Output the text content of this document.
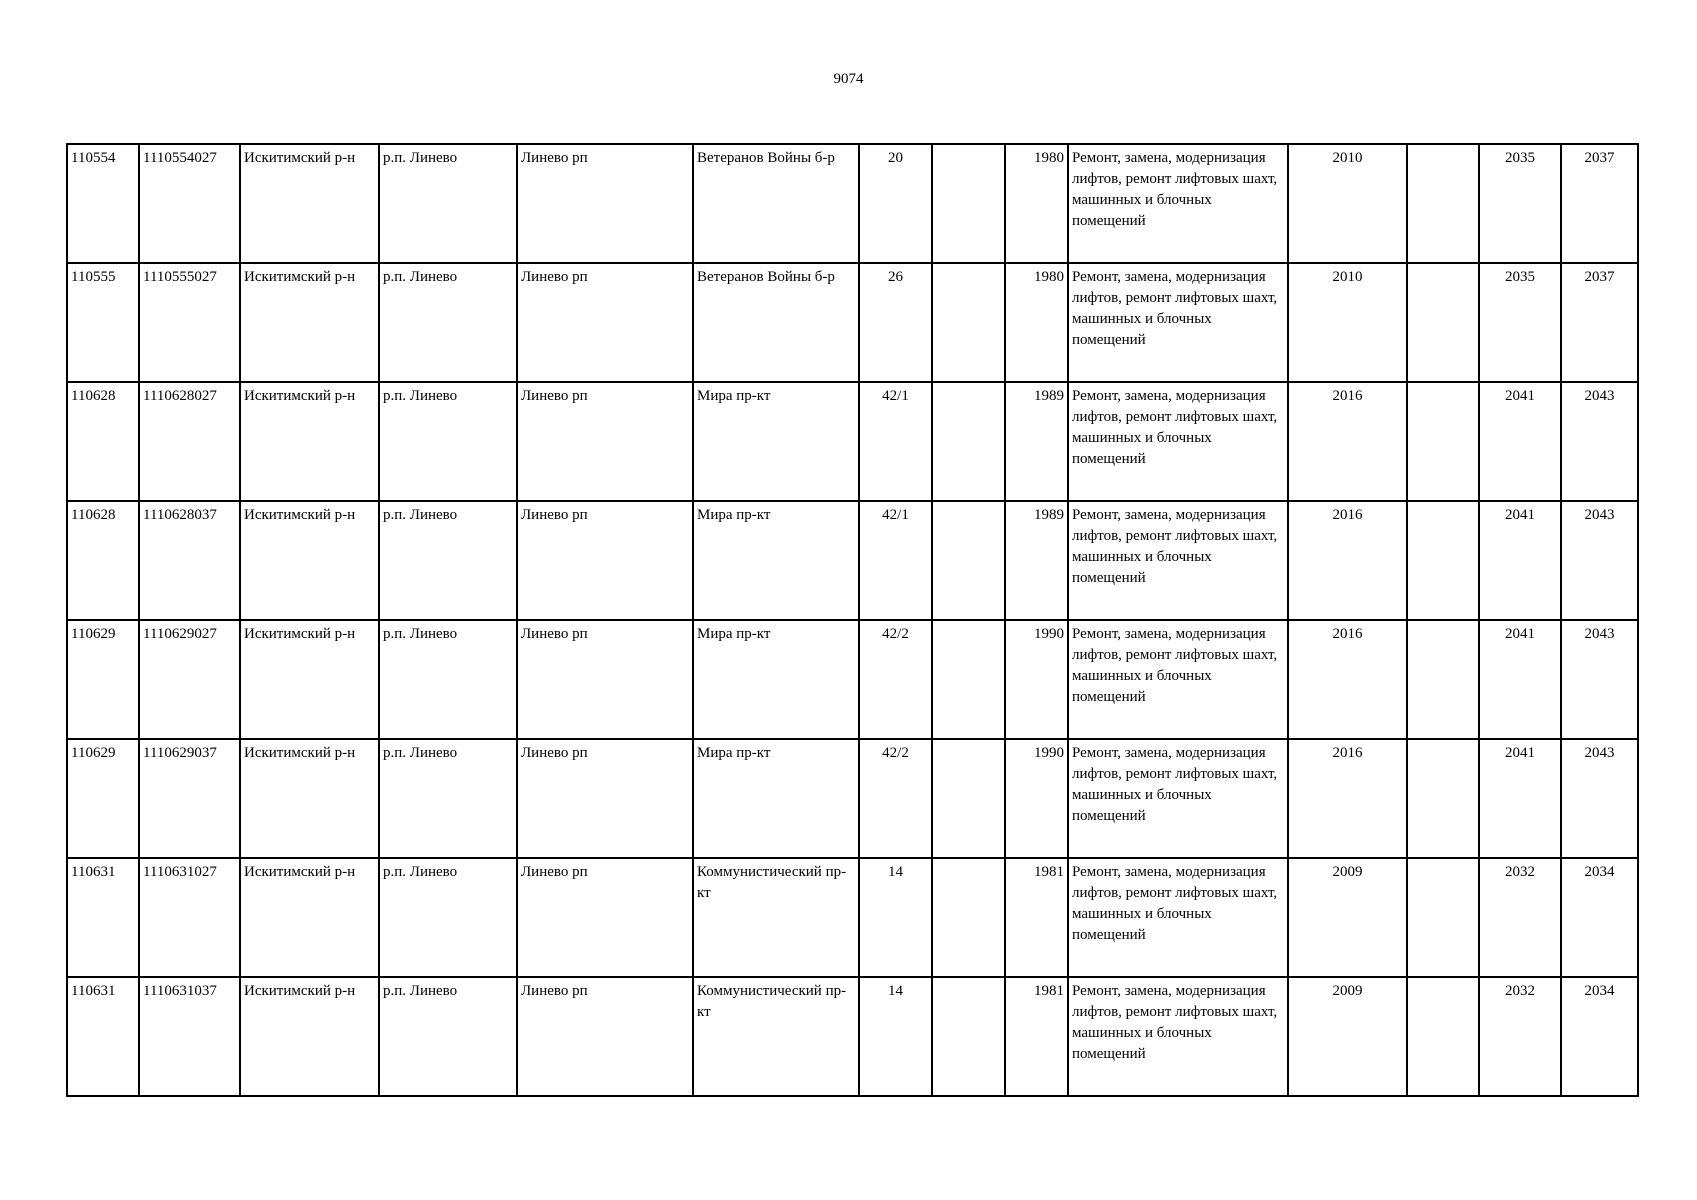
9074
110554	1110554027	Искитимский р-н	р.п. Линево	Линево рп	Ветеранов Войны б-р	20		1980	Ремонт, замена, модернизация лифтов, ремонт лифтовых шахт, машинных и блочных помещений	2010		2035	2037
110555	1110555027	Искитимский р-н	р.п. Линево	Линево рп	Ветеранов Войны б-р	26		1980	Ремонт, замена, модернизация лифтов, ремонт лифтовых шахт, машинных и блочных помещений	2010		2035	2037
110628	1110628027	Искитимский р-н	р.п. Линево	Линево рп	Мира пр-кт	42/1		1989	Ремонт, замена, модернизация лифтов, ремонт лифтовых шахт, машинных и блочных помещений	2016		2041	2043
110628	1110628037	Искитимский р-н	р.п. Линево	Линево рп	Мира пр-кт	42/1		1989	Ремонт, замена, модернизация лифтов, ремонт лифтовых шахт, машинных и блочных помещений	2016		2041	2043
110629	1110629027	Искитимский р-н	р.п. Линево	Линево рп	Мира пр-кт	42/2		1990	Ремонт, замена, модернизация лифтов, ремонт лифтовых шахт, машинных и блочных помещений	2016		2041	2043
110629	1110629037	Искитимский р-н	р.п. Линево	Линево рп	Мира пр-кт	42/2		1990	Ремонт, замена, модернизация лифтов, ремонт лифтовых шахт, машинных и блочных помещений	2016		2041	2043
110631	1110631027	Искитимский р-н	р.п. Линево	Линево рп	Коммунистический пр-кт	14		1981	Ремонт, замена, модернизация лифтов, ремонт лифтовых шахт, машинных и блочных помещений	2009		2032	2034
110631	1110631037	Искитимский р-н	р.п. Линево	Линево рп	Коммунистический пр-кт	14		1981	Ремонт, замена, модернизация лифтов, ремонт лифтовых шахт, машинных и блочных помещений	2009		2032	2034
